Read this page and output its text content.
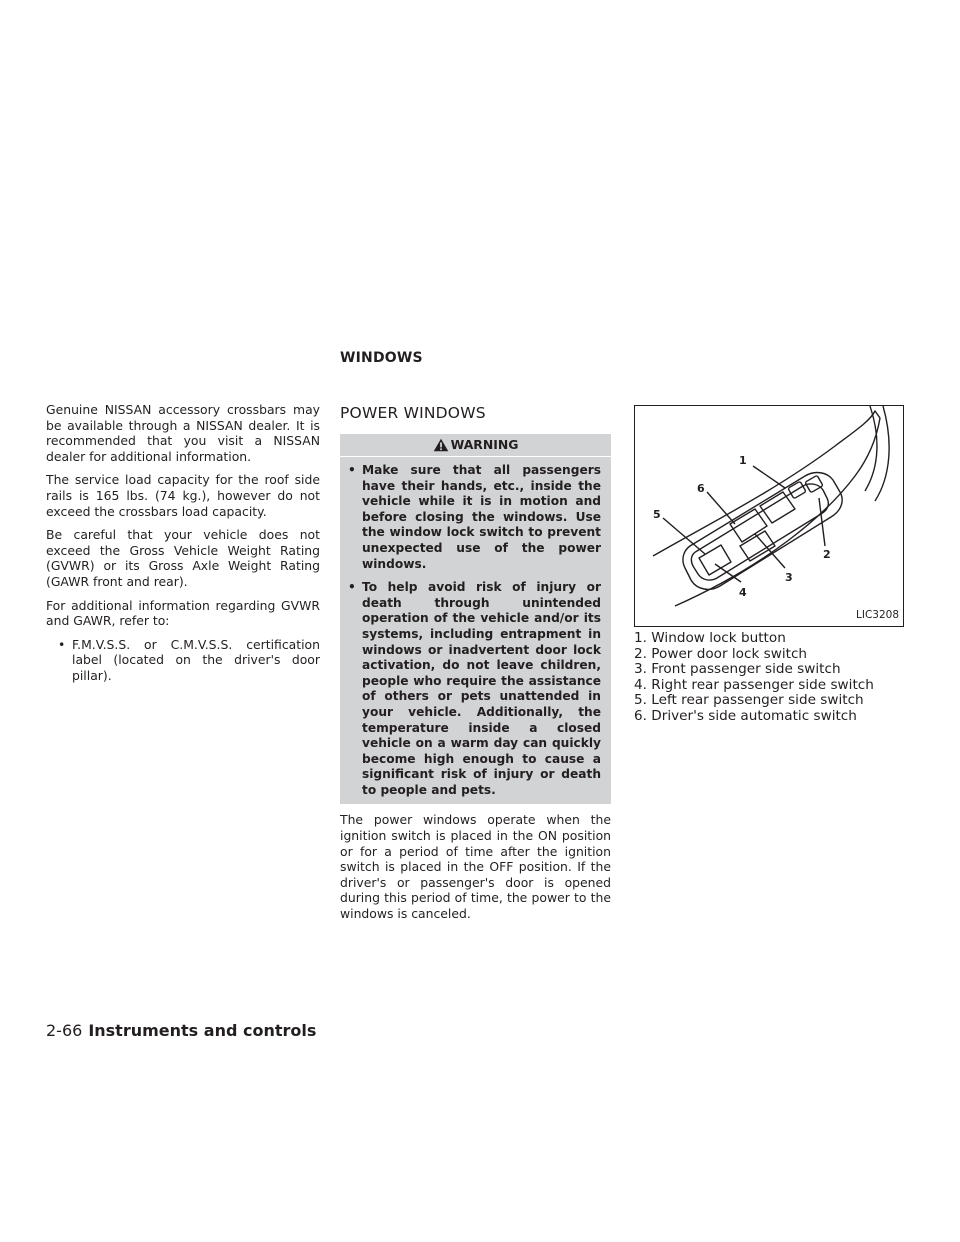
WINDOWS

Genuine NISSAN accessory crossbars may be available through a NISSAN dealer. It is recommended that you visit a NISSAN dealer for additional information.

The service load capacity for the roof side rails is 165 lbs. (74 kg.), however do not exceed the crossbars load capacity.

Be careful that your vehicle does not exceed the Gross Vehicle Weight Rating (GVWR) or its Gross Axle Weight Rating (GAWR front and rear).

For additional information regarding GVWR and GAWR, refer to:

• F.M.V.S.S. or C.M.V.S.S. certification label (located on the driver's door pillar).
POWER WINDOWS
WARNING
• Make sure that all passengers have their hands, etc., inside the vehicle while it is in motion and before closing the windows. Use the window lock switch to prevent unexpected use of the power windows.
• To help avoid risk of injury or death through unintended operation of the vehicle and/or its systems, including entrapment in windows or inadvertent door lock activation, do not leave children, people who require the assistance of others or pets unattended in your vehicle. Additionally, the temperature inside a closed vehicle on a warm day can quickly become high enough to cause a significant risk of injury or death to people and pets.

The power windows operate when the ignition switch is placed in the ON position or for a period of time after the ignition switch is placed in the OFF position. If the driver's or passenger's door is opened during this period of time, the power to the windows is canceled.

1
6
5
2
3
4
LIC3208
1. Window lock button
2. Power door lock switch
3. Front passenger side switch
4. Right rear passenger side switch
5. Left rear passenger side switch
6. Driver's side automatic switch
2-66 Instruments and controls
